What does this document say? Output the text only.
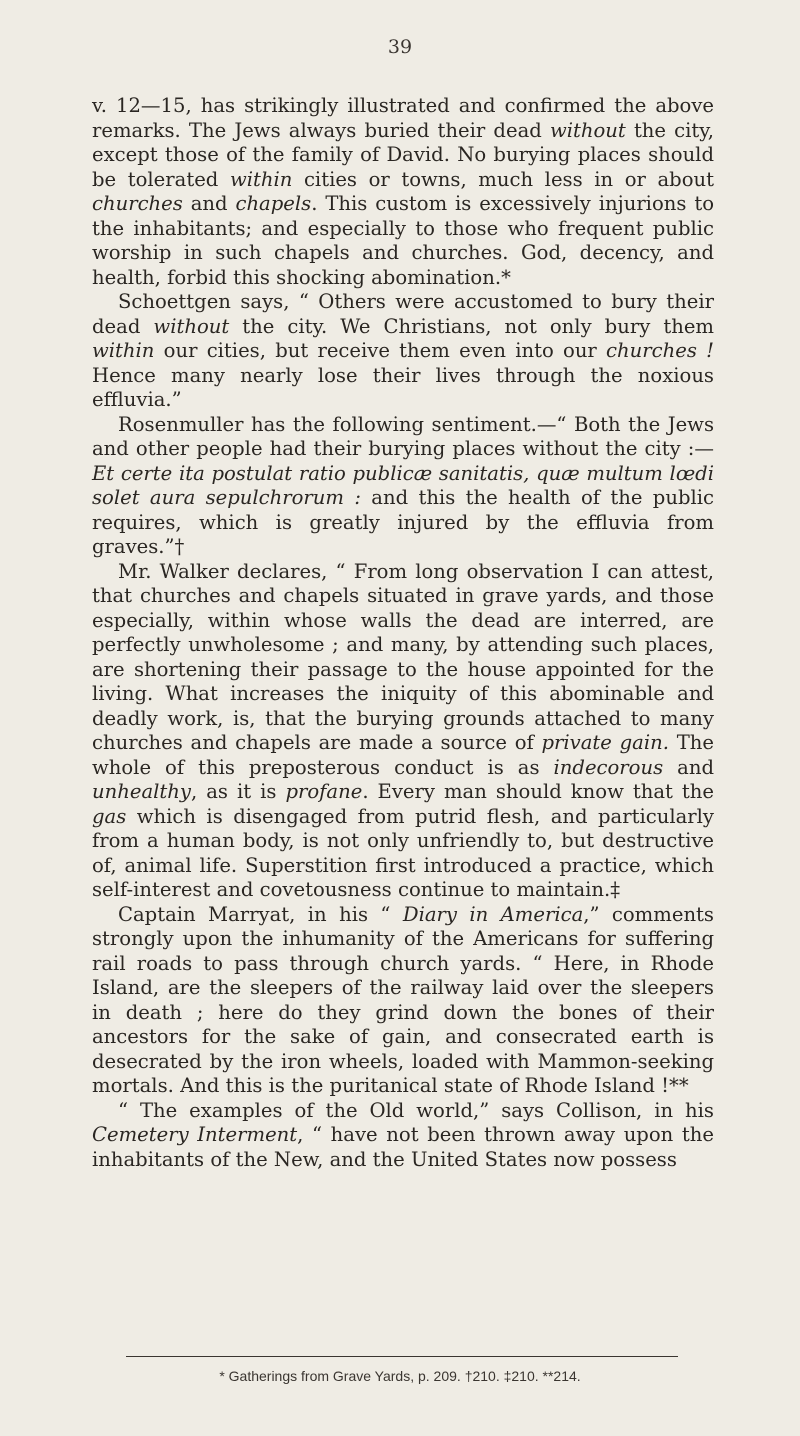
39

v. 12—15, has strikingly illustrated and confirmed the above remarks. The Jews always buried their dead without the city, except those of the family of David. No burying places should be tolerated within cities or towns, much less in or about churches and chapels. This custom is excessively injurions to the inhabitants; and especially to those who frequent public worship in such chapels and churches. God, decency, and health, forbid this shocking abomination.*

Schoettgen says, “ Others were accustomed to bury their dead without the city. We Christians, not only bury them within our cities, but receive them even into our churches ! Hence many nearly lose their lives through the noxious effluvia.”

Rosenmuller has the following sentiment.—“ Both the Jews and other people had their burying places without the city :—Et certe ita postulat ratio publicæ sanitatis, quæ multum lœdi solet aura sepulchrorum : and this the health of the public requires, which is greatly injured by the effluvia from graves.”†

Mr. Walker declares, “ From long observation I can attest, that churches and chapels situated in grave yards, and those especially, within whose walls the dead are interred, are perfectly unwholesome ; and many, by attending such places, are shortening their passage to the house appointed for the living. What increases the iniquity of this abominable and deadly work, is, that the burying grounds attached to many churches and chapels are made a source of private gain. The whole of this preposterous conduct is as indecorous and unhealthy, as it is profane. Every man should know that the gas which is disengaged from putrid flesh, and particularly from a human body, is not only unfriendly to, but destructive of, animal life. Superstition first introduced a practice, which self-interest and covetousness continue to maintain.‡

Captain Marryat, in his “ Diary in America,” comments strongly upon the inhumanity of the Americans for suffering rail roads to pass through church yards. “ Here, in Rhode Island, are the sleepers of the railway laid over the sleepers in death ; here do they grind down the bones of their ancestors for the sake of gain, and consecrated earth is desecrated by the iron wheels, loaded with Mammon-seeking mortals. And this is the puritanical state of Rhode Island !**

“ The examples of the Old world,” says Collison, in his Cemetery Interment, “ have not been thrown away upon the inhabitants of the New, and the United States now possess

* Gatherings from Grave Yards, p. 209. †210. ‡210. **214.
